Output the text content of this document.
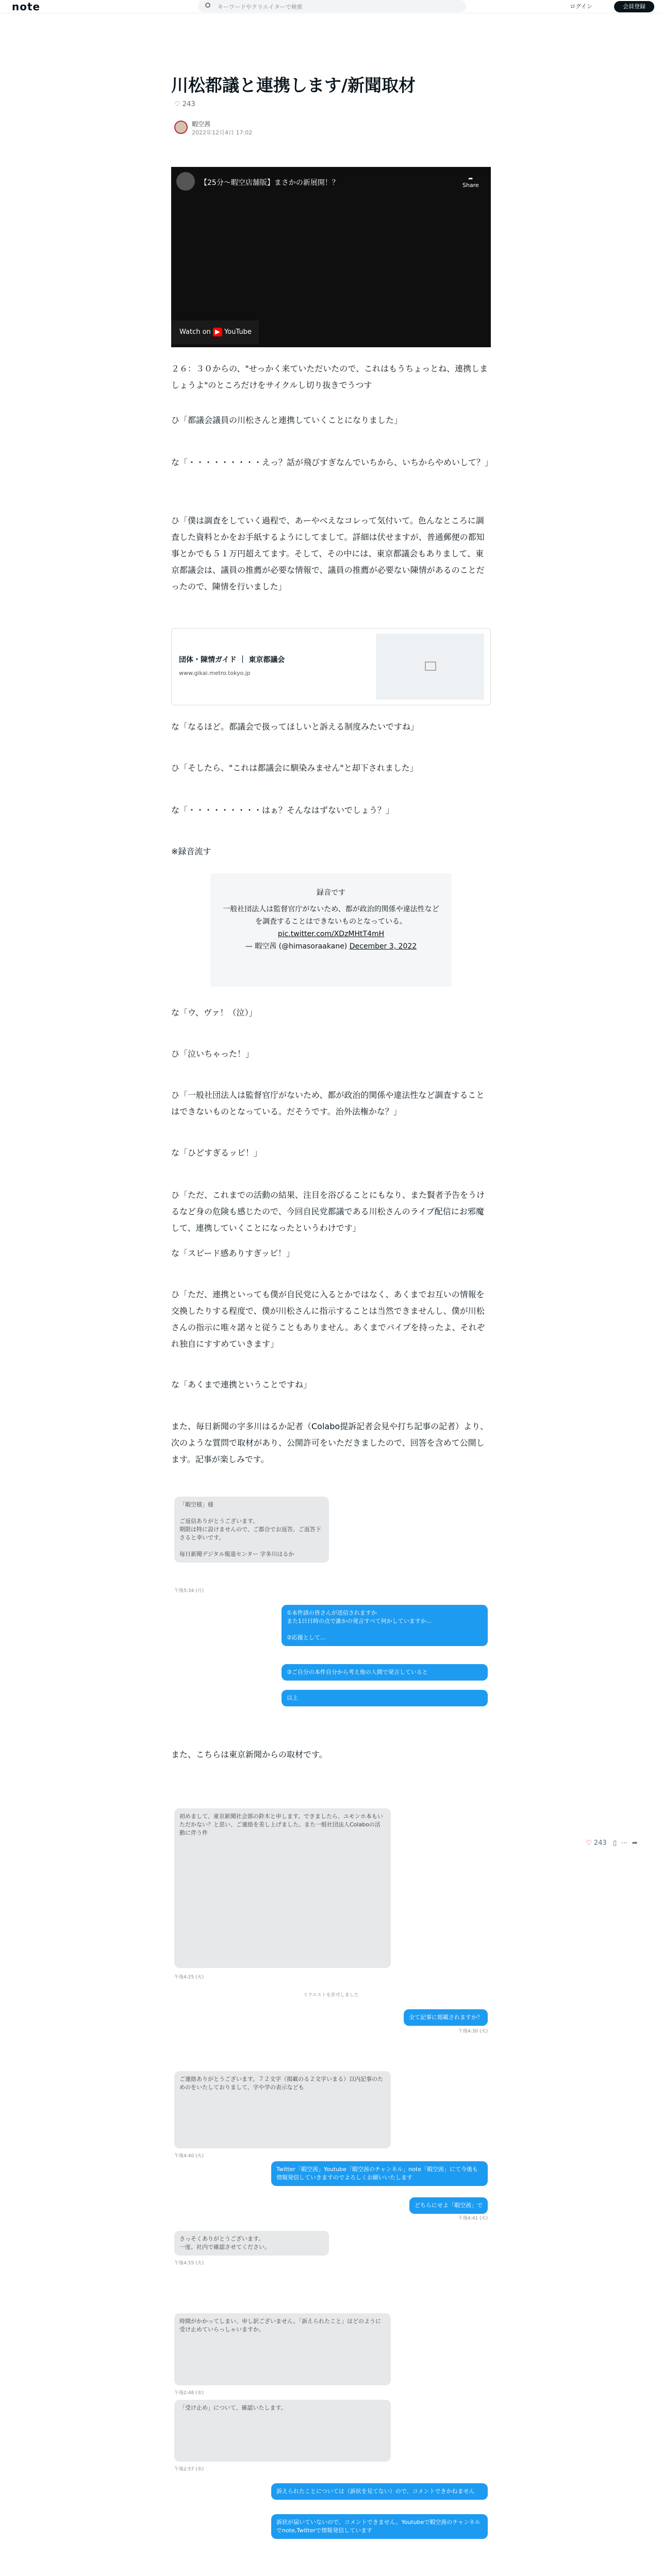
note	キーワードやクリエイターで検索	ログイン	会員登録
川松都議と連携します/新聞取材
♡ 243
暇空茜
2022年12月4日 17:02
【25分～暇空店舗版】まさかの新展開！？
➦
Share
Watch on ▶ YouTube

２６：３０からの、"せっかく来ていただいたので、これはもうちょっとね、連携しましょうよ"のところだけをサイクルし切り抜きでうつす

ひ「都議会議員の川松さんと連携していくことになりました」

な「・・・・・・・・・えっ？話が飛びすぎなんでいちから、いちからやめいして？」

ひ「僕は調査をしていく過程で、あーやべえなコレって気付いて。色んなところに調査した資料とかをお手紙するようにしてまして。詳細は伏せますが、普通郵便の都知事とかでも５１万円超えてます。そして、その中には、東京都議会もありまして、東京都議会は、議員の推薦が必要な情報で、議員の推薦が必要ない陳情があるのことだったので、陳情を行いました」

団体・陳情ガイド ｜ 東京都議会
www.gikai.metro.tokyo.jp

な「なるほど。都議会で扱ってほしいと訴える制度みたいですね」

ひ「そしたら、"これは都議会に馴染みません"と却下されました」

な「・・・・・・・・・はぁ？そんなはずないでしょう？」

※録音流す

録音です
一般社団法人は監督官庁がないため、都が政治的関係や違法性などを調査することはできないものとなっている。
pic.twitter.com/XDzMHtT4mH
— 暇空茜 (@himasoraakane) December 3, 2022

な「ウ、ヴァ！（泣）」

ひ「泣いちゃった！」

ひ「一般社団法人は監督官庁がないため、都が政治的関係や違法性など調査することはできないものとなっている。だそうです。治外法権かな？」

な「ひどすぎるッピ！」

ひ「ただ、これまでの活動の結果、注目を浴びることにもなり、また賢者予告をうけるなど身の危険も感じたので、今回自民党都議である川松さんのライブ配信にお邪魔して、連携していくことになったというわけです」

な「スピード感ありすぎッピ！」

ひ「ただ、連携といっても僕が自民党に入るとかではなく、あくまでお互いの情報を交換したりする程度で、僕が川松さんに指示することは当然できませんし、僕が川松さんの指示に唯々諾々と従うこともありません。あくまでパイプを持ったよ、それぞれ独自にすすめていきます」

な「あくまで連携ということですね」

また、毎日新聞の字多川はるか記者（Colabo提訴記者会見や打ち記事の記者）より、次のような質問で取材があり、公開許可をいただきましたので、回答を含めて公開します。記事が楽しみです。

「暇空様」様

ご返信ありがとうございます。
期限は特に設けませんので、ご都合でお返答。ご返答下さると幸いです。

毎日新聞デジタル報道センター 字多川はるか
午後5:34 (月)
①本件該の皆さんが送信されますか
また1日日時の点で誰かの発言すべて何かしていますか...

②応援として...
③ご自分の本件自分から考え他の人間で発言していると
以上

また、こちらは東京新聞からの取材です。

初めまして、東京新聞社会部の鈴木と申します。できましたら、ユモンホ本もいただかない？と思い、ご連絡を差し上げました。また一般社団法人Colaboの活動に伴う件
午後4:25 (火)
リクエストを許可しました
全て記事に掲載されますか？
午後4:30 (火)
ご連絡ありがとうございます。７２文字（掲載のる２文字いまる）以内記事のためのをいたしておりまして、字や学の表示なども
午後4:40 (火)
Twitter「暇空茜」Youtube「暇空茜のチャンネル」note「暇空茜」にて今後も情報発信していきますのでよろしくお願いいたします
どちらにせよ「暇空茜」で
午後4:41 (火)
さっそくありがとうございます。
一度、社内で確認させてください。
午後4:55 (火)
時間がかかってしまい、申し訳ございません。「訴えられたこと」はどのように受け止めていらっしゃいますか。
午後2:48 (水)
「受け止め」について、確認いたします。
午後2:57 (水)
訴えられたことについては（訴状を見てない）ので、コメントできかねません
訴状が届いていないので、コメントできません。Youtubeで暇空茜のチャンネルでnote,Twitterで情報発信しています

♡ 243 ▯ ⋯ ➦
